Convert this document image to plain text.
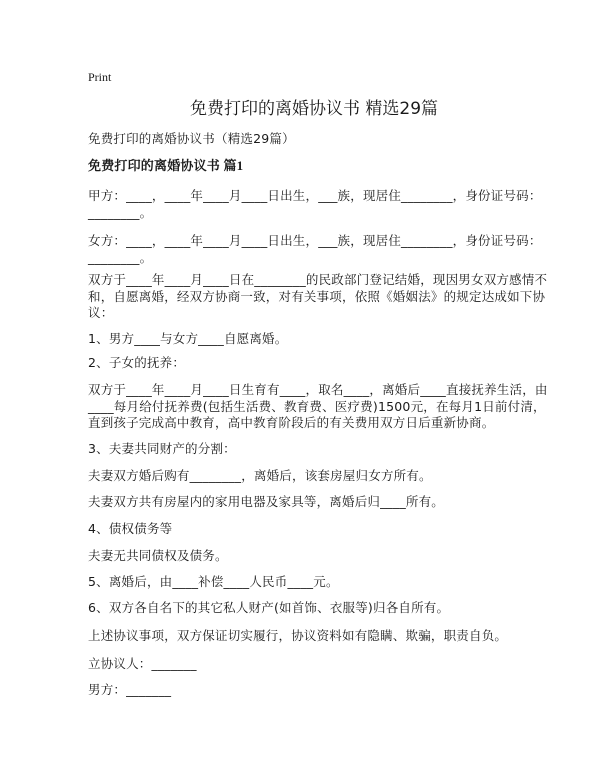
Print
免费打印的离婚协议书 精选29篇
免费打印的离婚协议书（精选29篇）
免费打印的离婚协议书 篇1
甲方：____，____年____月____日出生，___族，现居住________，身份证号码：
________。
女方：____，____年____月____日出生，___族，现居住________，身份证号码：
________。
双方于____年____月____日在________的民政部门登记结婚，现因男女双方感情不
和，自愿离婚，经双方协商一致，对有关事项，依照《婚姻法》的规定达成如下协
议：
1、男方____与女方____自愿离婚。
2、子女的抚养：
双方于____年____月____日生育有____，取名____，离婚后____直接抚养生活，由
____每月给付抚养费(包括生活费、教育费、医疗费)1500元，在每月1日前付清，
直到孩子完成高中教育，高中教育阶段后的有关费用双方日后重新协商。
3、夫妻共同财产的分割：
夫妻双方婚后购有________，离婚后，该套房屋归女方所有。
夫妻双方共有房屋内的家用电器及家具等，离婚后归____所有。
4、债权债务等
夫妻无共同债权及债务。
5、离婚后，由____补偿____人民币____元。
6、双方各自名下的其它私人财产(如首饰、衣服等)归各自所有。
上述协议事项，双方保证切实履行，协议资料如有隐瞒、欺骗，职责自负。
立协议人：_______
男方：_______
